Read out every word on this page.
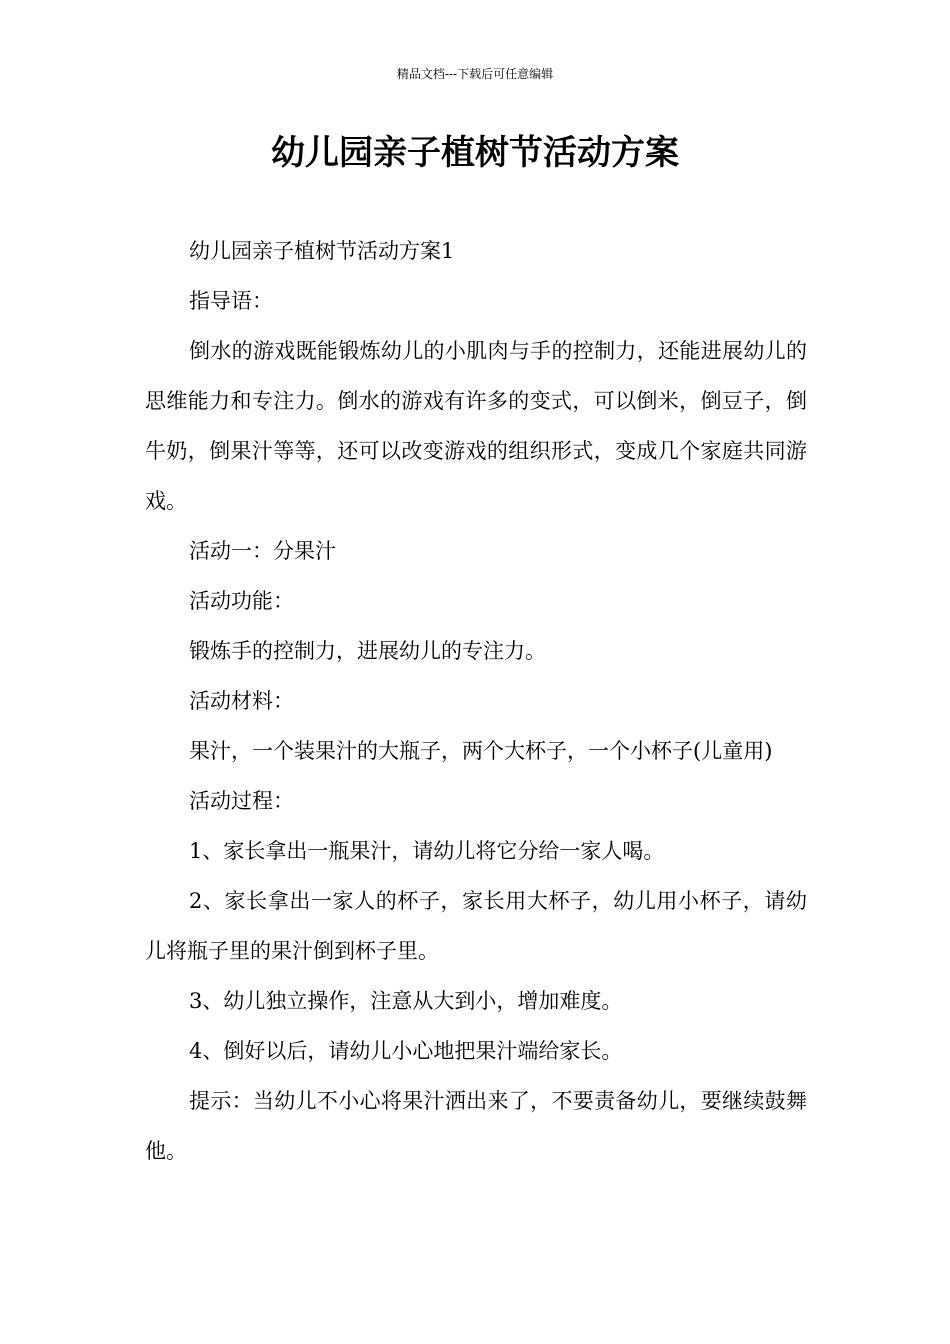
精品文档---下载后可任意编辑
幼儿园亲子植树节活动方案

幼儿园亲子植树节活动方案1

指导语：

倒水的游戏既能锻炼幼儿的小肌肉与手的控制力，还能进展幼儿的思维能力和专注力。倒水的游戏有许多的变式，可以倒米，倒豆子，倒牛奶，倒果汁等等，还可以改变游戏的组织形式，变成几个家庭共同游戏。

活动一：分果汁

活动功能：

锻炼手的控制力，进展幼儿的专注力。

活动材料：

果汁，一个装果汁的大瓶子，两个大杯子，一个小杯子(儿童用)

活动过程：

1、家长拿出一瓶果汁，请幼儿将它分给一家人喝。

2、家长拿出一家人的杯子，家长用大杯子，幼儿用小杯子，请幼儿将瓶子里的果汁倒到杯子里。

3、幼儿独立操作，注意从大到小，增加难度。

4、倒好以后，请幼儿小心地把果汁端给家长。

提示：当幼儿不小心将果汁洒出来了，不要责备幼儿，要继续鼓舞他。
